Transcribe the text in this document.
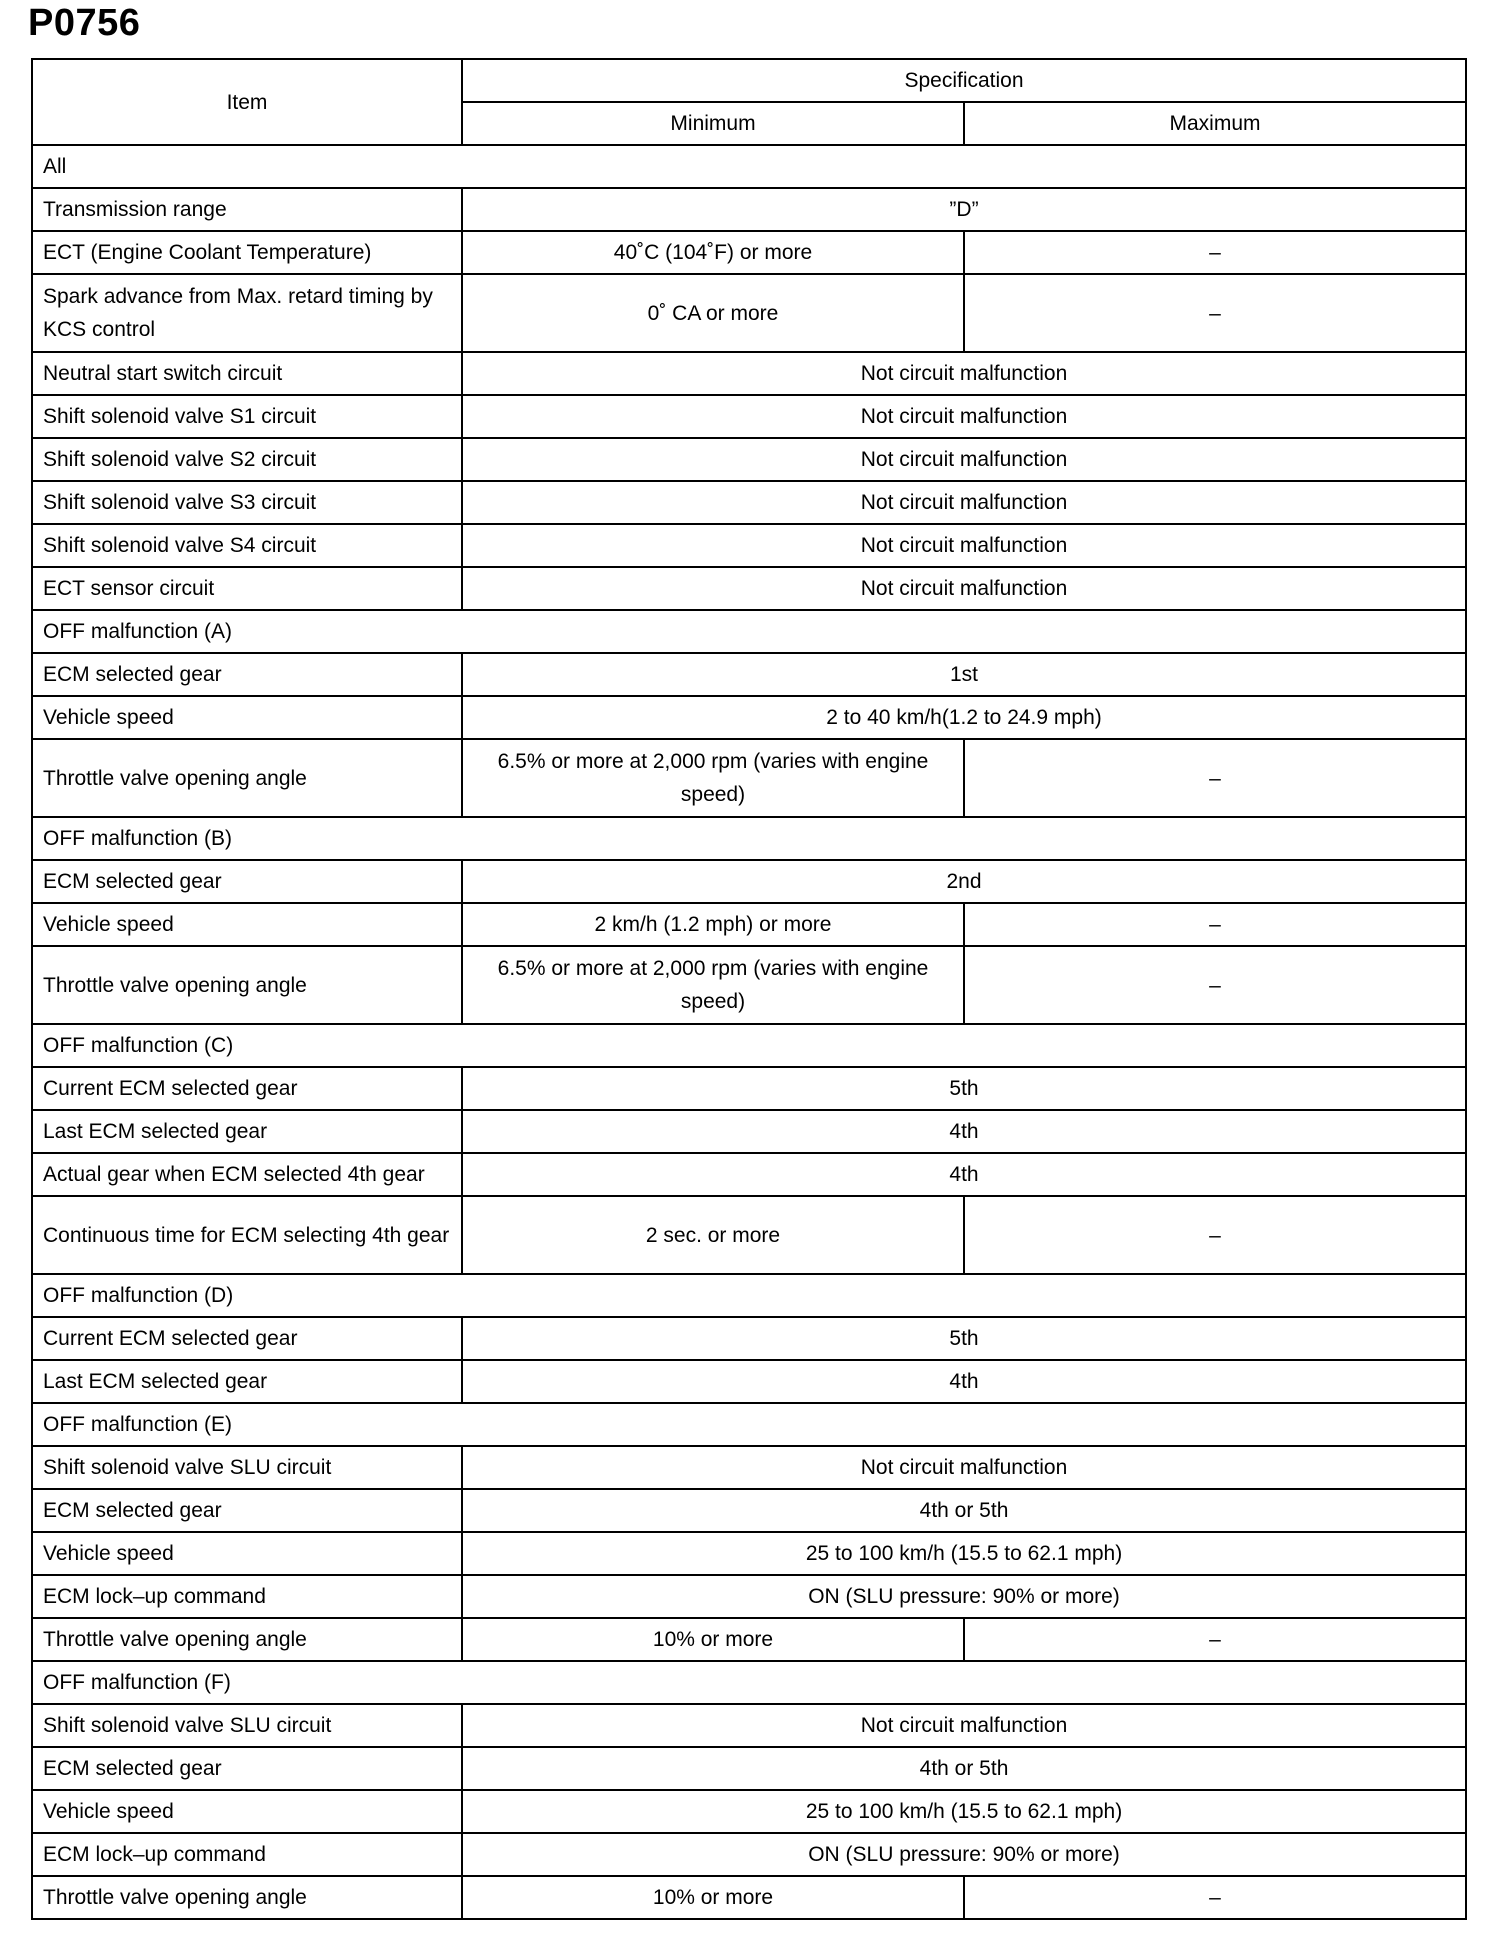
P0756
Item	Specification	
	Minimum	Maximum
All		
Transmission range	”D”	
ECT (Engine Coolant Temperature)	40˚C (104˚F) or more	–
Spark advance from Max. retard timing by KCS control	0˚ CA or more	–
Neutral start switch circuit	Not circuit malfunction	
Shift solenoid valve S1 circuit	Not circuit malfunction	
Shift solenoid valve S2 circuit	Not circuit malfunction	
Shift solenoid valve S3 circuit	Not circuit malfunction	
Shift solenoid valve S4 circuit	Not circuit malfunction	
ECT sensor circuit	Not circuit malfunction	
OFF malfunction (A)		
ECM selected gear	1st	
Vehicle speed	2 to 40 km/h(1.2 to 24.9 mph)	
Throttle valve opening angle	6.5% or more at 2,000 rpm (varies with engine speed)	–
OFF malfunction (B)		
ECM selected gear	2nd	
Vehicle speed	2 km/h (1.2 mph) or more	–
Throttle valve opening angle	6.5% or more at 2,000 rpm (varies with engine speed)	–
OFF malfunction (C)		
Current ECM selected gear	5th	
Last ECM selected gear	4th	
Actual gear when ECM selected 4th gear	4th	
Continuous time for ECM selecting 4th gear	2 sec. or more	–
OFF malfunction (D)		
Current ECM selected gear	5th	
Last ECM selected gear	4th	
OFF malfunction (E)		
Shift solenoid valve SLU circuit	Not circuit malfunction	
ECM selected gear	4th or 5th	
Vehicle speed	25 to 100 km/h (15.5 to 62.1 mph)	
ECM lock–up command	ON (SLU pressure: 90% or more)	
Throttle valve opening angle	10% or more	–
OFF malfunction (F)		
Shift solenoid valve SLU circuit	Not circuit malfunction	
ECM selected gear	4th or 5th	
Vehicle speed	25 to 100 km/h (15.5 to 62.1 mph)	
ECM lock–up command	ON (SLU pressure: 90% or more)	
Throttle valve opening angle	10% or more	–
